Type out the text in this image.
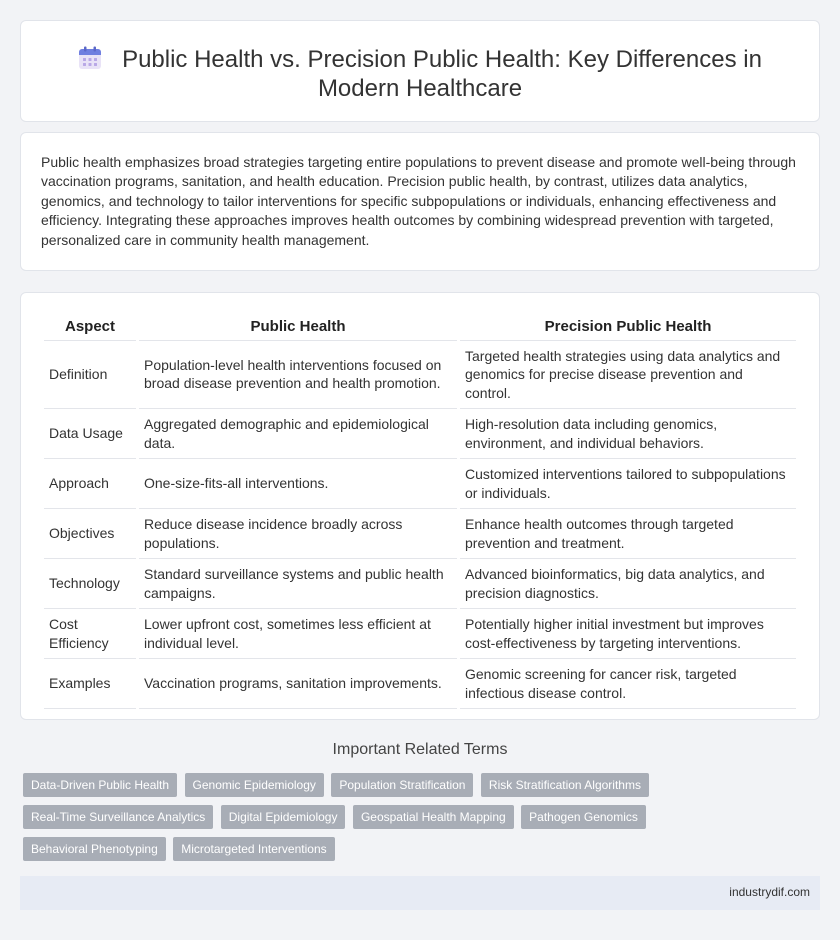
Public Health vs. Precision Public Health: Key Differences in Modern Healthcare

Public health emphasizes broad strategies targeting entire populations to prevent disease and promote well-being through vaccination programs, sanitation, and health education. Precision public health, by contrast, utilizes data analytics, genomics, and technology to tailor interventions for specific subpopulations or individuals, enhancing effectiveness and efficiency. Integrating these approaches improves health outcomes by combining widespread prevention with targeted, personalized care in community health management.

Aspect	Public Health	Precision Public Health
Definition	Population-level health interventions focused on broad disease prevention and health promotion.	Targeted health strategies using data analytics and genomics for precise disease prevention and control.
Data Usage	Aggregated demographic and epidemiological data.	High-resolution data including genomics, environment, and individual behaviors.
Approach	One-size-fits-all interventions.	Customized interventions tailored to subpopulations or individuals.
Objectives	Reduce disease incidence broadly across populations.	Enhance health outcomes through targeted prevention and treatment.
Technology	Standard surveillance systems and public health campaigns.	Advanced bioinformatics, big data analytics, and precision diagnostics.
Cost Efficiency	Lower upfront cost, sometimes less efficient at individual level.	Potentially higher initial investment but improves cost-effectiveness by targeting interventions.
Examples	Vaccination programs, sanitation improvements.	Genomic screening for cancer risk, targeted infectious disease control.
Important Related Terms
Data-Driven Public Health Genomic Epidemiology Population Stratification Risk Stratification Algorithms Real-Time Surveillance Analytics Digital Epidemiology Geospatial Health Mapping Pathogen Genomics Behavioral Phenotyping Microtargeted Interventions
industrydif.com
